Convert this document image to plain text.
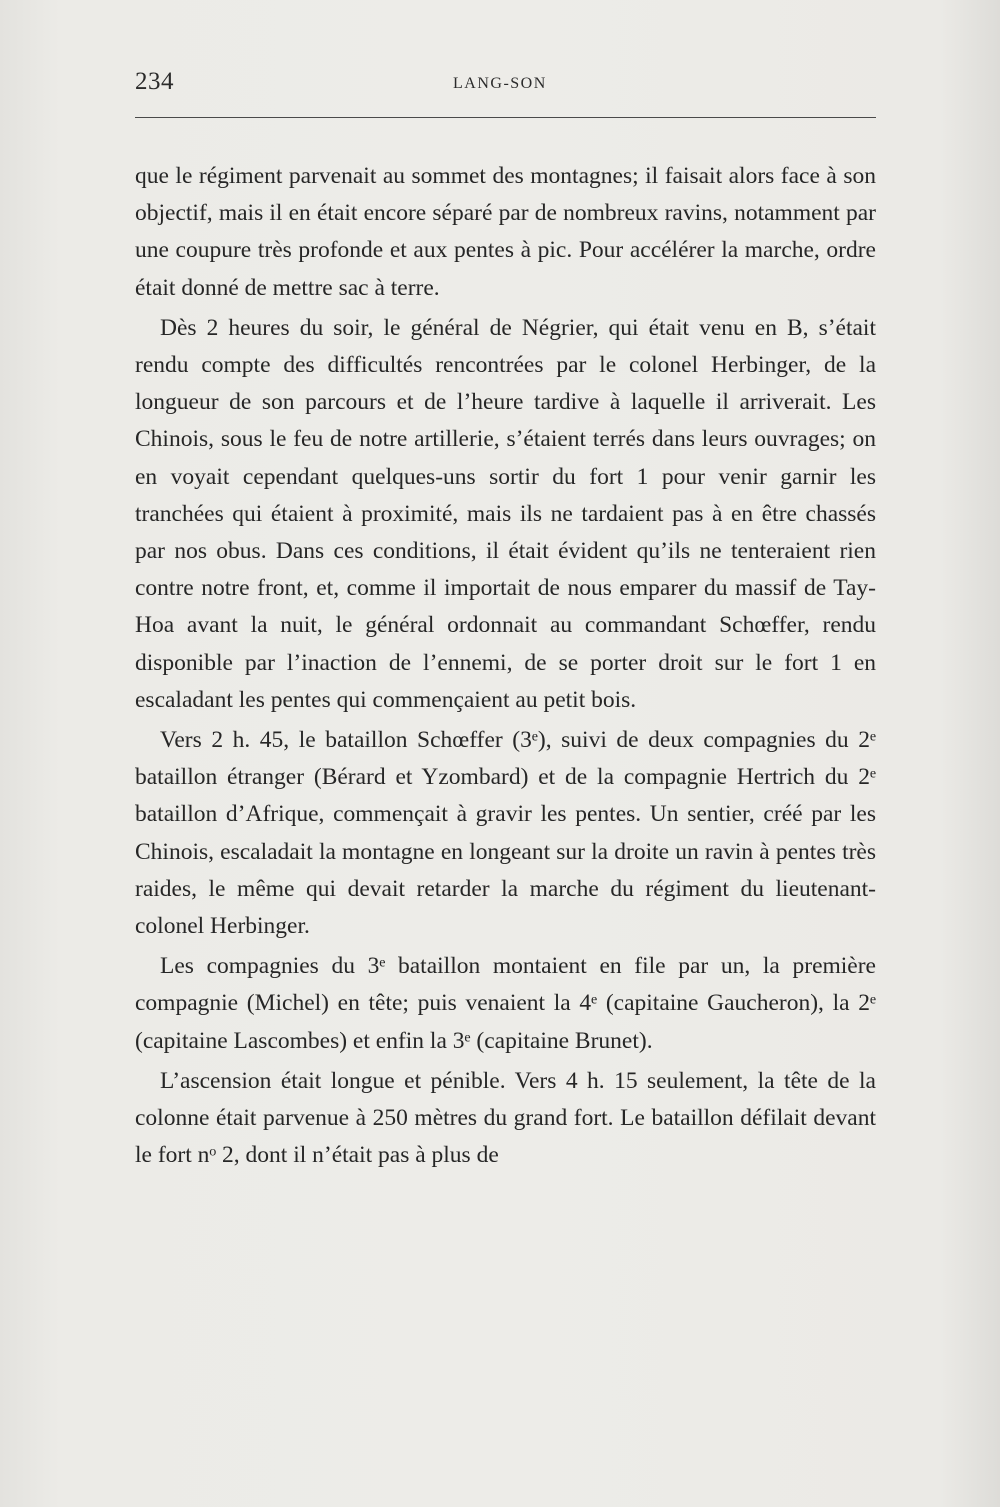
234	LANG-SON

que le régiment parvenait au sommet des montagnes; il faisait alors face à son objectif, mais il en était encore séparé par de nombreux ravins, notamment par une coupure très profonde et aux pentes à pic. Pour accélérer la marche, ordre était donné de mettre sac à terre.

Dès 2 heures du soir, le général de Négrier, qui était venu en B, s’était rendu compte des difficultés rencontrées par le colonel Herbinger, de la longueur de son parcours et de l’heure tardive à laquelle il arriverait. Les Chinois, sous le feu de notre artillerie, s’étaient terrés dans leurs ouvrages; on en voyait cependant quelques-uns sortir du fort 1 pour venir garnir les tranchées qui étaient à proximité, mais ils ne tardaient pas à en être chassés par nos obus. Dans ces conditions, il était évident qu’ils ne tenteraient rien contre notre front, et, comme il importait de nous emparer du massif de Tay-Hoa avant la nuit, le général ordonnait au commandant Schœffer, rendu disponible par l’inaction de l’ennemi, de se porter droit sur le fort 1 en escaladant les pentes qui commençaient au petit bois.

Vers 2 h. 45, le bataillon Schœffer (3ᵉ), suivi de deux compagnies du 2ᵉ bataillon étranger (Bérard et Yzombard) et de la compagnie Hertrich du 2ᵉ bataillon d’Afrique, commençait à gravir les pentes. Un sentier, créé par les Chinois, escaladait la montagne en longeant sur la droite un ravin à pentes très raides, le même qui devait retarder la marche du régiment du lieutenant-colonel Herbinger.

Les compagnies du 3ᵉ bataillon montaient en file par un, la première compagnie (Michel) en tête; puis venaient la 4ᵉ (capitaine Gaucheron), la 2ᵉ (capitaine Lascombes) et enfin la 3ᵉ (capitaine Brunet).

L’ascension était longue et pénible. Vers 4 h. 15 seulement, la tête de la colonne était parvenue à 250 mètres du grand fort. Le bataillon défilait devant le fort nᵒ 2, dont il n’était pas à plus de
